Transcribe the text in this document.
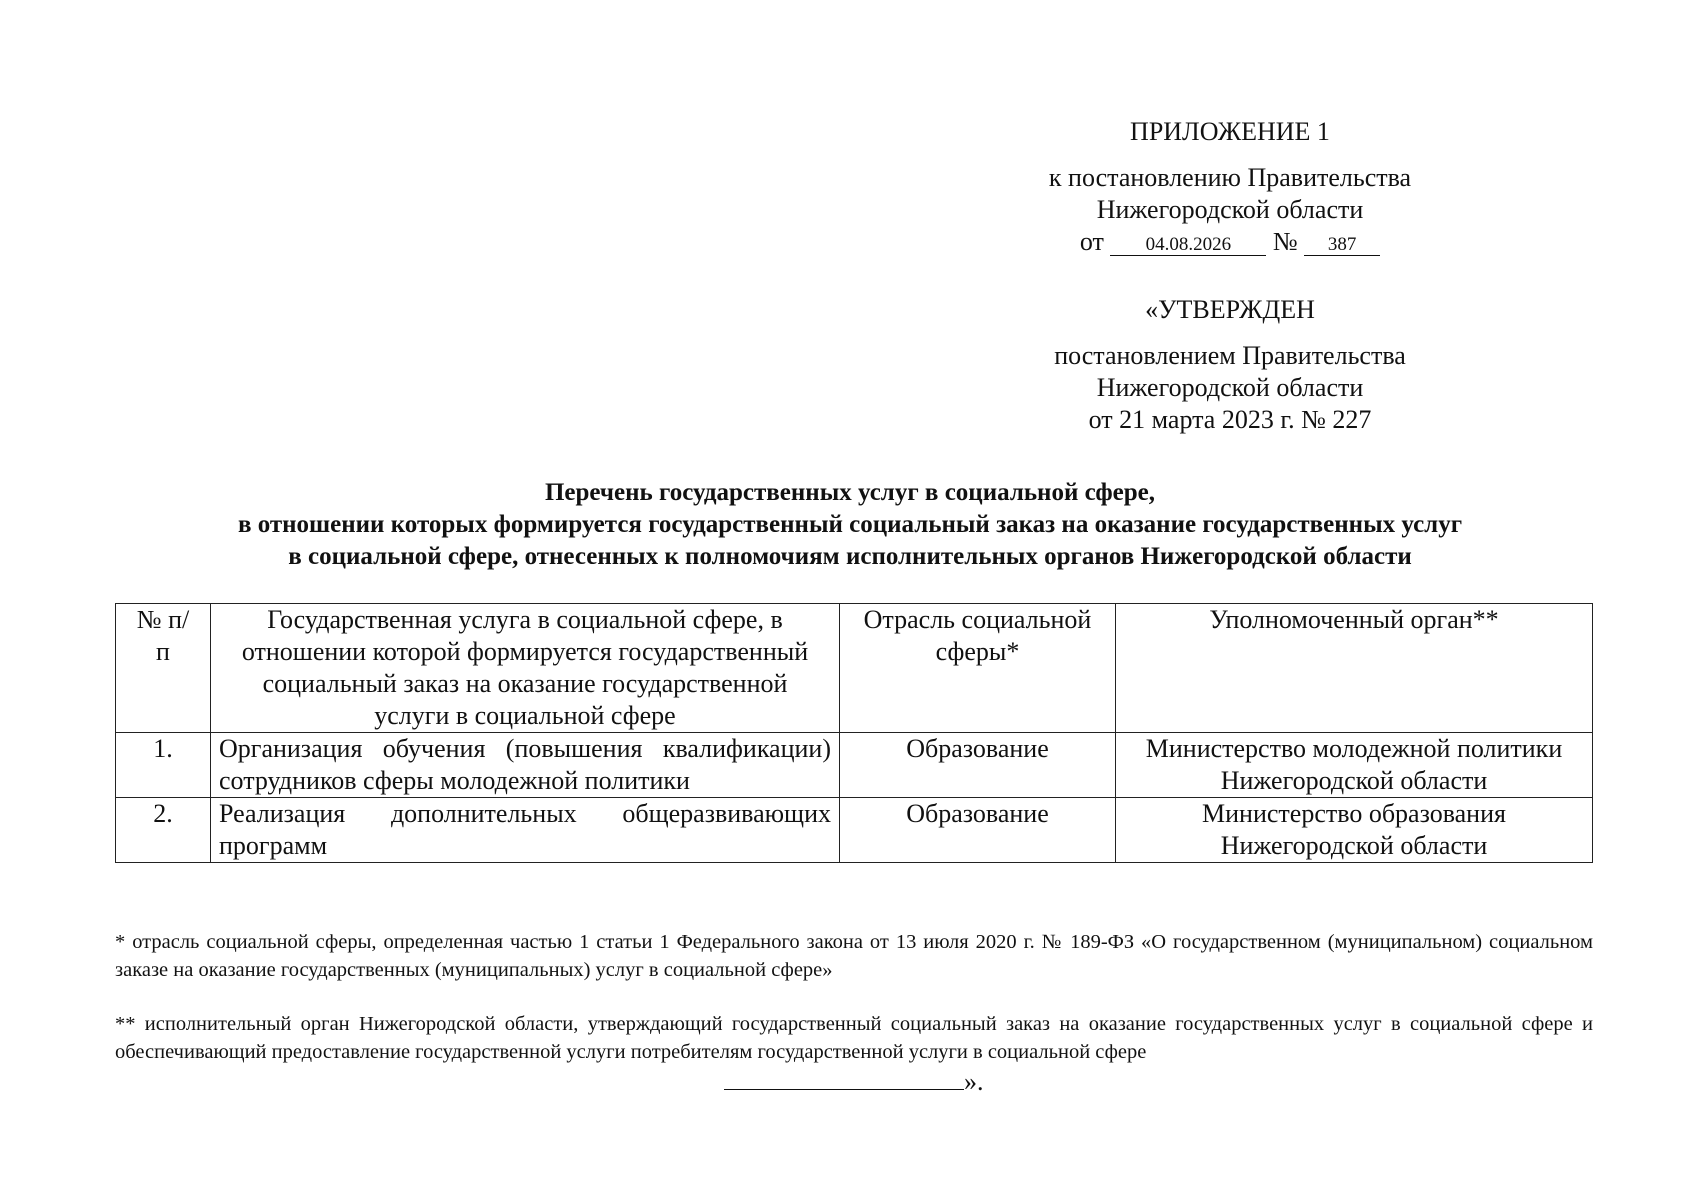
ПРИЛОЖЕНИЕ 1
к постановлению Правительства
Нижегородской области
от 04.08.2026 № 387
«УТВЕРЖДЕН
постановлением Правительства
Нижегородской области
от 21 марта 2023 г. № 227
Перечень государственных услуг в социальной сфере,
в отношении которых формируется государственный социальный заказ на оказание государственных услуг
в социальной сфере, отнесенных к полномочиям исполнительных органов Нижегородской области
№ п/п	Государственная услуга в социальной сфере, в отношении которой формируется государственный социальный заказ на оказание государственной услуги в социальной сфере	Отрасль социальной сферы*	Уполномоченный орган**
1.	Организация обучения (повышения квалификации) сотрудников сферы молодежной политики	Образование	Министерство молодежной политики Нижегородской области
2.	Реализация дополнительных общеразвивающих программ	Образование	Министерство образования Нижегородской области
* отрасль социальной сферы, определенная частью 1 статьи 1 Федерального закона от 13 июля 2020 г. № 189-ФЗ «О государственном (муниципальном) социальном заказе на оказание государственных (муниципальных) услуг в социальной сфере»
** исполнительный орган Нижегородской области, утверждающий государственный социальный заказ на оказание государственных услуг в социальной сфере и обеспечивающий предоставление государственной услуги потребителям государственной услуги в социальной сфере
».
